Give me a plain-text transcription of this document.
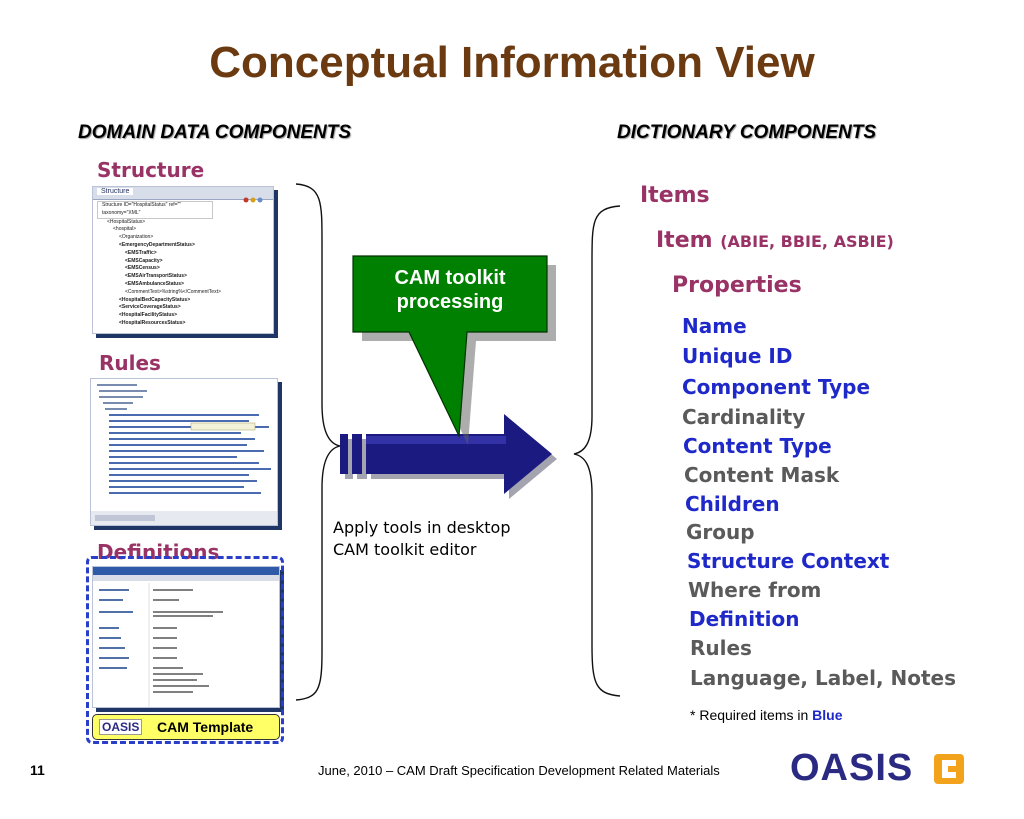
Conceptual Information View
DOMAIN DATA COMPONENTS	DICTIONARY COMPONENTS
Structure
Structure
Structure ID="HospitalStatus" ref="" taxonomy="XML"
<HospitalStatus>
<hospital>
<Organization>
<EmergencyDepartmentStatus>
<EMSTraffic>
<EMSCapacity>
<EMSCensus>
<EMSAirTransportStatus>
<EMSAmbulanceStatus>
<CommentText>%string%</CommentText>
<HospitalBedCapacityStatus>
<ServiceCoverageStatus>
<HospitalFacilityStatus>
<HospitalResourcesStatus>
Rules
Definitions
OASIS CAM Template
CAM toolkit
processing
Apply tools in desktop
CAM toolkit editor
Items
Item (ABIE, BBIE, ASBIE)
Properties
Name
Unique ID
Component Type
Cardinality
Content Type
Content Mask
Children
Group
Structure Context
Where from
Definition
Rules
Language, Label, Notes
* Required items in Blue
11	June, 2010 – CAM Draft Specification Development Related Materials OASIS
